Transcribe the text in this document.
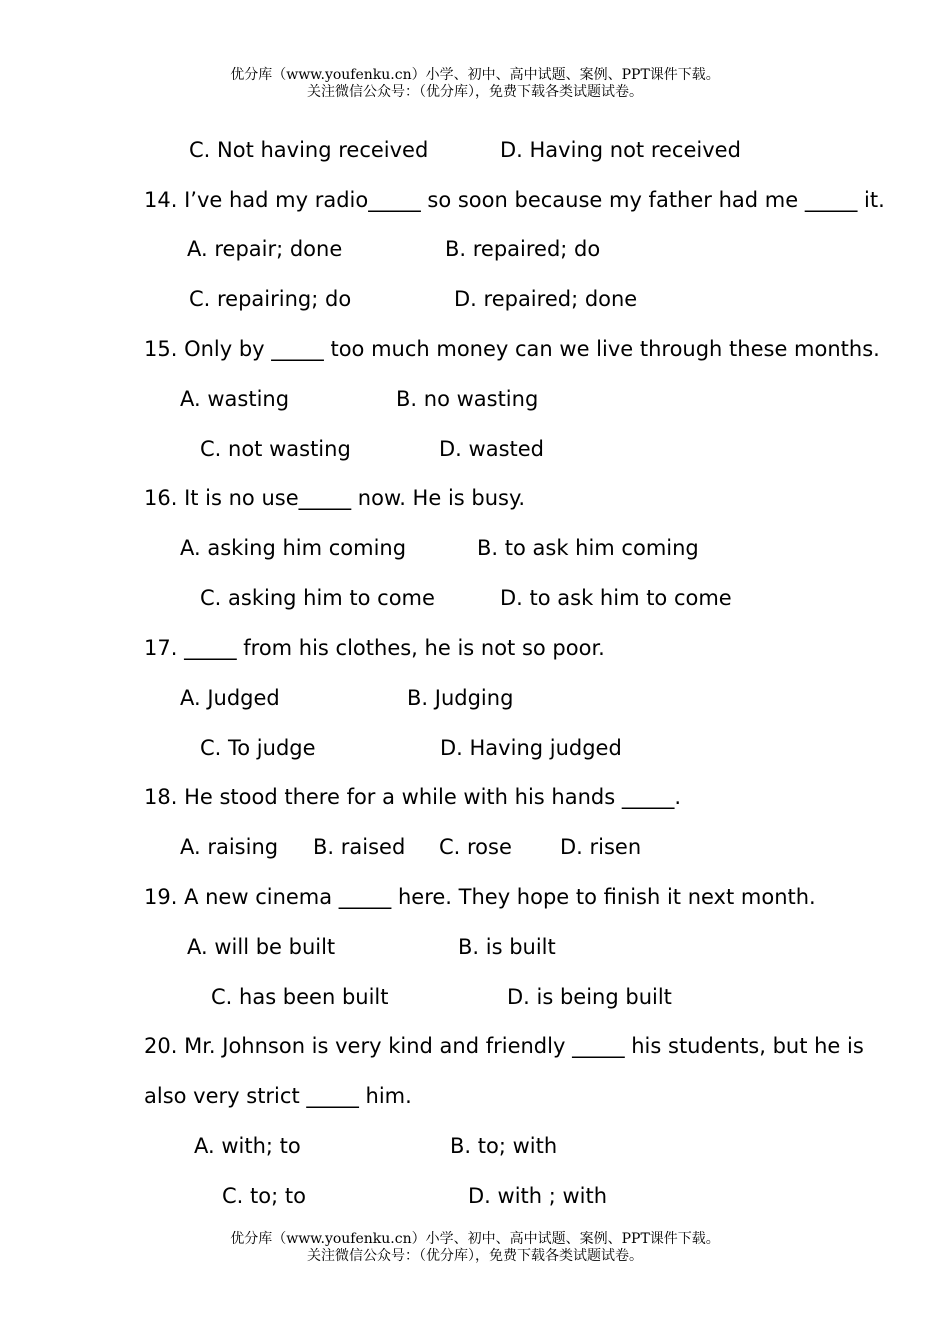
优分库（www.youfenku.cn）小学、初中、高中试题、案例、PPT课件下载。
关注微信公众号：（优分库），免费下载各类试题试卷。
C. Not having received	D. Having not received
14. I’ve had my radio_____ so soon because my father had me _____ it.
A. repair; done	B. repaired; do
C. repairing; do	D. repaired; done
15. Only by _____ too much money can we live through these months.
A. wasting	B. no wasting
C. not wasting	D. wasted
16. It is no use_____ now. He is busy.
A. asking him coming	B. to ask him coming
C. asking him to come	D. to ask him to come
17. _____ from his clothes, he is not so poor.
A. Judged	B. Judging
C. To judge	D. Having judged
18. He stood there for a while with his hands _____.
A. raising B. raised C. rose D. risen
19. A new cinema _____ here. They hope to finish it next month.
A. will be built	B. is built
C. has been built	D. is being built
20. Mr. Johnson is very kind and friendly _____ his students, but he is
also very strict _____ him.
A. with; to	B. to; with
C. to; to	D. with ; with
优分库（www.youfenku.cn）小学、初中、高中试题、案例、PPT课件下载。
关注微信公众号：（优分库），免费下载各类试题试卷。
